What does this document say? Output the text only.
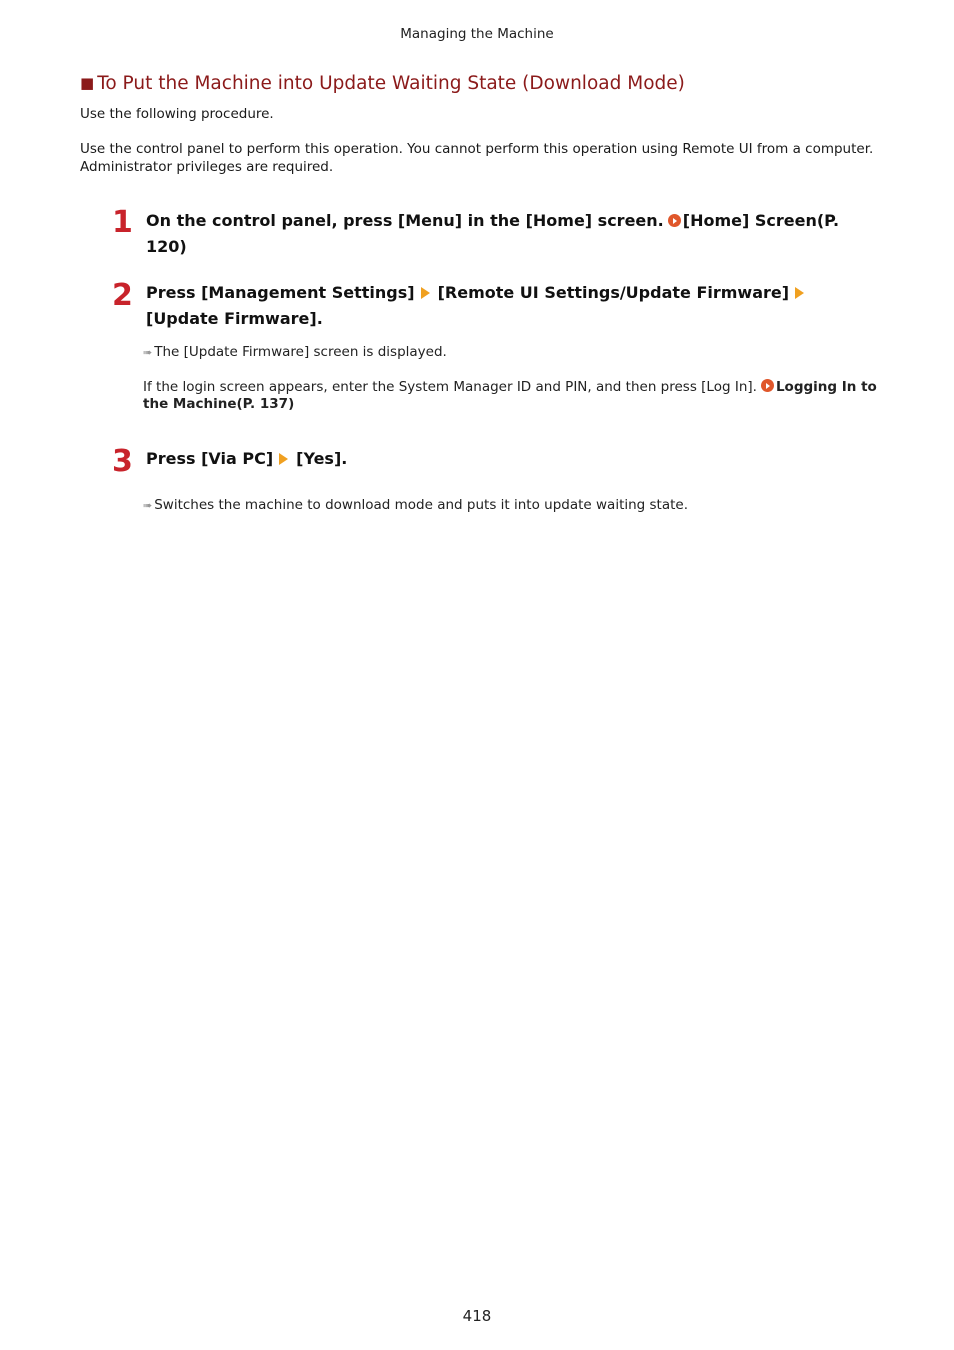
Managing the Machine
■ To Put the Machine into Update Waiting State (Download Mode)
Use the following procedure.
Use the control panel to perform this operation. You cannot perform this operation using Remote UI from a computer. Administrator privileges are required.
1 On the control panel, press [Menu] in the [Home] screen. [Home] Screen(P. 120)
2 Press [Management Settings] [Remote UI Settings/Update Firmware][Update Firmware].
➠ The [Update Firmware] screen is displayed.
If the login screen appears, enter the System Manager ID and PIN, and then press [Log In]. Logging In to the Machine(P. 137)
3 Press [Via PC] [Yes].
➠ Switches the machine to download mode and puts it into update waiting state.
418
